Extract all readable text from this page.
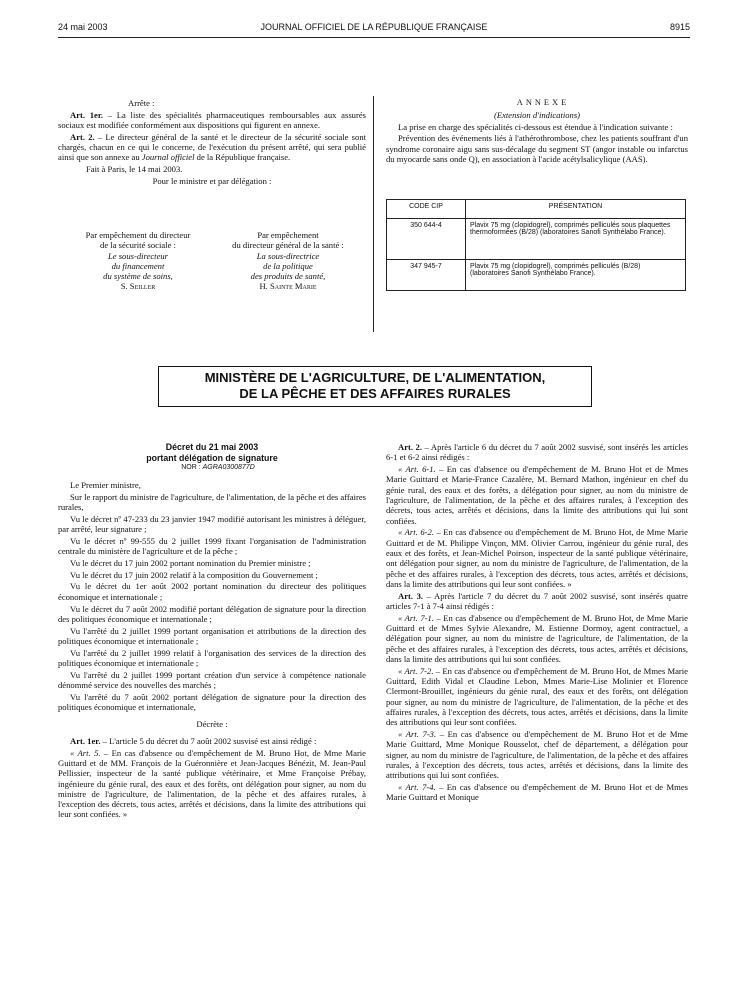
24 mai 2003	JOURNAL OFFICIEL DE LA RÉPUBLIQUE FRANÇAISE	8915

Arrête :

Art. 1er. – La liste des spécialités pharmaceutiques remboursables aux assurés sociaux est modifiée conformément aux dispositions qui figurent en annexe.

Art. 2. – Le directeur général de la santé et le directeur de la sécurité sociale sont chargés, chacun en ce qui le concerne, de l'exécution du présent arrêté, qui sera publié ainsi que son annexe au Journal officiel de la République française.

Fait à Paris, le 14 mai 2003.

Pour le ministre et par délégation :

Par empêchement du directeur
de la sécurité sociale :
Le sous-directeur
du financement
du système de soins,
S. Seiller
Par empêchement
du directeur général de la santé :
La sous-directrice
de la politique
des produits de santé,
H. Sainte Marie

ANNEXE

(Extension d'indications)

La prise en charge des spécialités ci-dessous est étendue à l'indication suivante :

Prévention des événements liés à l'athérothrombose, chez les patients souffrant d'un syndrome coronaire aigu sans sus-décalage du segment ST (angor instable ou infarctus du myocarde sans onde Q), en association à l'acide acétylsalicylique (AAS).

CODE CIP	PRÉSENTATION
350 644-4	Plavix 75 mg (clopidogrel), comprimés pelliculés sous plaquettes thermoformées (B/28) (laboratoires Sanofi Synthélabo France).
347 945-7	Plavix 75 mg (clopidogrel), comprimés pelliculés (B/28) (laboratoires Sanofi Synthélabo France).
MINISTÈRE DE L'AGRICULTURE, DE L'ALIMENTATION,
DE LA PÊCHE ET DES AFFAIRES RURALES
Décret du 21 mai 2003
portant délégation de signature

NOR : AGRA0300877D

Le Premier ministre,

Sur le rapport du ministre de l'agriculture, de l'alimentation, de la pêche et des affaires rurales,

Vu le décret nº 47-233 du 23 janvier 1947 modifié autorisant les ministres à déléguer, par arrêté, leur signature ;

Vu le décret nº 99-555 du 2 juillet 1999 fixant l'organisation de l'administration centrale du ministère de l'agriculture et de la pêche ;

Vu le décret du 17 juin 2002 portant nomination du Premier ministre ;

Vu le décret du 17 juin 2002 relatif à la composition du Gouvernement ;

Vu le décret du 1er août 2002 portant nomination du directeur des politiques économique et internationale ;

Vu le décret du 7 août 2002 modifié portant délégation de signature pour la direction des politiques économique et internationale ;

Vu l'arrêté du 2 juillet 1999 portant organisation et attributions de la direction des politiques économique et internationale ;

Vu l'arrêté du 2 juillet 1999 relatif à l'organisation des services de la direction des politiques économique et internationale ;

Vu l'arrêté du 2 juillet 1999 portant création d'un service à compétence nationale dénommé service des nouvelles des marchés ;

Vu l'arrêté du 7 août 2002 portant délégation de signature pour la direction des politiques économique et internationale,

Décrète :

Art. 1er. – L'article 5 du décret du 7 août 2002 susvisé est ainsi rédigé :

« Art. 5. – En cas d'absence ou d'empêchement de M. Bruno Hot, de Mme Marie Guittard et de MM. François de la Guéronnière et Jean-Jacques Bénézit, M. Jean-Paul Pellissier, inspecteur de la santé publique vétérinaire, et Mme Françoise Prébay, ingénieure du génie rural, des eaux et des forêts, ont délégation pour signer, au nom du ministre de l'agriculture, de l'alimentation, de la pêche et des affaires rurales, à l'exception des décrets, tous actes, arrêtés et décisions, dans la limite des attributions qui leur sont confiées. »

Art. 2. – Après l'article 6 du décret du 7 août 2002 susvisé, sont insérés les articles 6-1 et 6-2 ainsi rédigés :

« Art. 6-1. – En cas d'absence ou d'empêchement de M. Bruno Hot et de Mmes Marie Guittard et Marie-France Cazalère, M. Bernard Mathon, ingénieur en chef du génie rural, des eaux et des forêts, a délégation pour signer, au nom du ministre de l'agriculture, de l'alimentation, de la pêche et des affaires rurales, à l'exception des décrets, tous actes, arrêtés et décisions, dans la limite des attributions qui lui sont confiées.

« Art. 6-2. – En cas d'absence ou d'empêchement de M. Bruno Hot, de Mme Marie Guittard et de M. Philippe Vinçon, MM. Olivier Carrou, ingénieur du génie rural, des eaux et des forêts, et Jean-Michel Poirson, inspecteur de la santé publique vétérinaire, ont délégation pour signer, au nom du ministre de l'agriculture, de l'alimentation, de la pêche et des affaires rurales, à l'exception des décrets, tous actes, arrêtés et décisions, dans la limite des attributions qui leur sont confiées. »

Art. 3. – Après l'article 7 du décret du 7 août 2002 susvisé, sont insérés quatre articles 7-1 à 7-4 ainsi rédigés :

« Art. 7-1. – En cas d'absence ou d'empêchement de M. Bruno Hot, de Mme Marie Guittard et de Mmes Sylvie Alexandre, M. Estienne Dormoy, agent contractuel, a délégation pour signer, au nom du ministre de l'agriculture, de l'alimentation, de la pêche et des affaires rurales, à l'exception des décrets, tous actes, arrêtés et décisions, dans la limite des attributions qui lui sont confiées.

« Art. 7-2. – En cas d'absence ou d'empêchement de M. Bruno Hot, de Mmes Marie Guittard, Edith Vidal et Claudine Lebon, Mmes Marie-Lise Molinier et Florence Clermont-Brouillet, ingénieurs du génie rural, des eaux et des forêts, ont délégation pour signer, au nom du ministre de l'agriculture, de l'alimentation, de la pêche et des affaires rurales, à l'exception des décrets, tous actes, arrêtés et décisions, dans la limite des attributions qui leur sont confiées.

« Art. 7-3. – En cas d'absence ou d'empêchement de M. Bruno Hot et de Mme Marie Guittard, Mme Monique Rousselot, chef de département, a délégation pour signer, au nom du ministre de l'agriculture, de l'alimentation, de la pêche et des affaires rurales, à l'exception des décrets, tous actes, arrêtés et décisions, dans la limite des attributions qui lui sont confiées.

« Art. 7-4. – En cas d'absence ou d'empêchement de M. Bruno Hot et de Mmes Marie Guittard et Monique
